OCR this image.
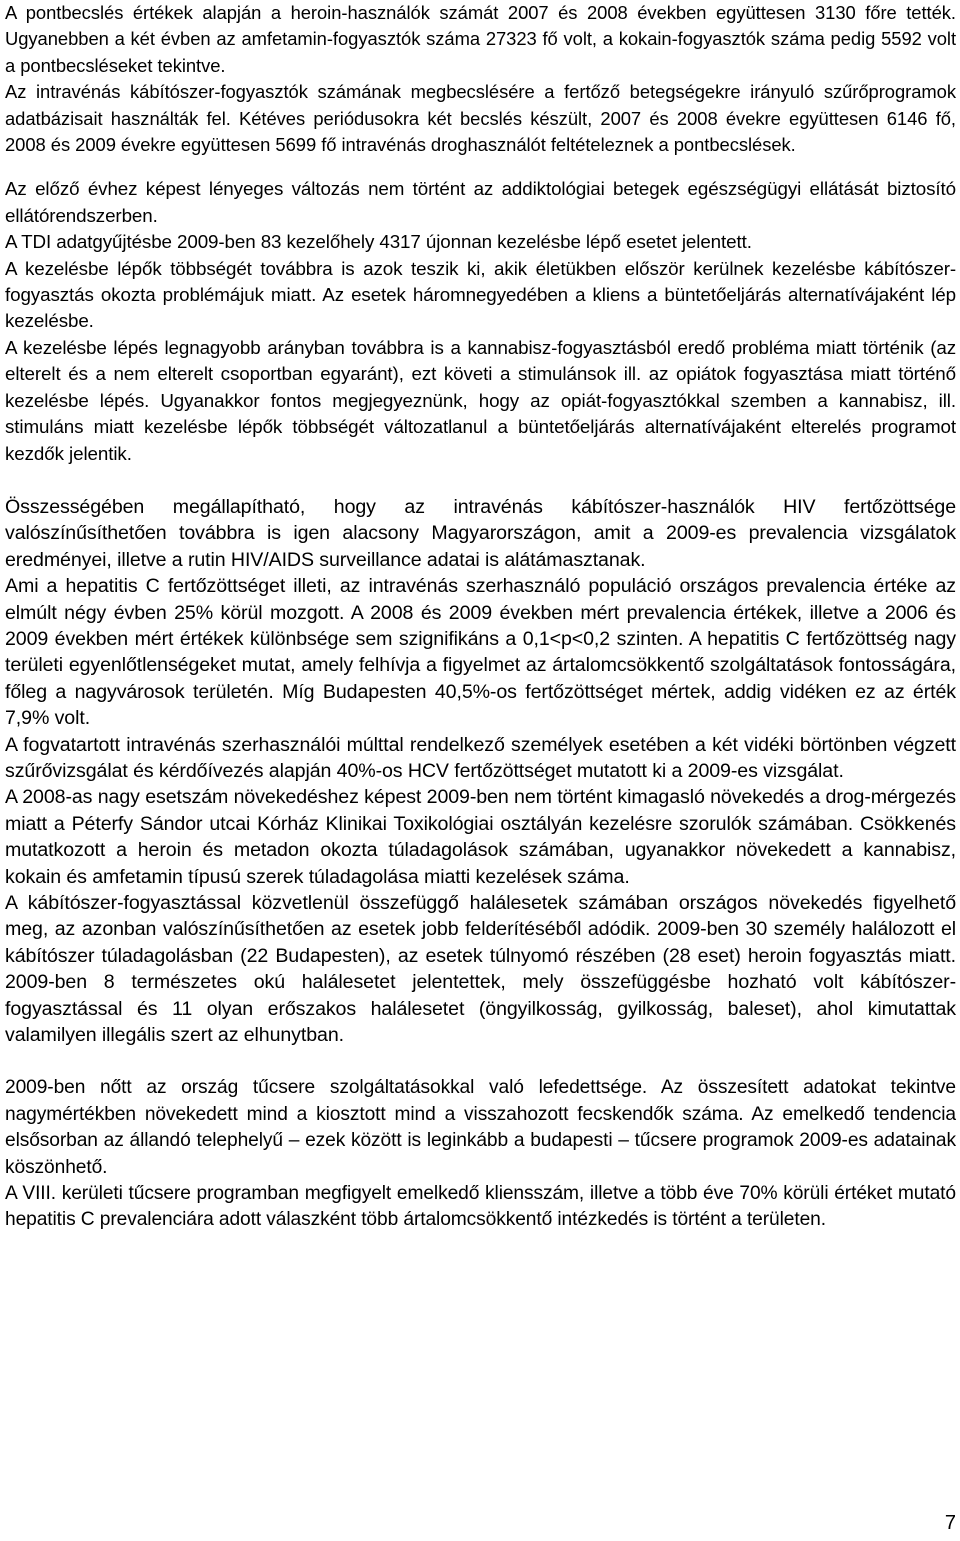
A pontbecslés értékek alapján a heroin-használók számát 2007 és 2008 években együttesen 3130 főre tették. Ugyanebben a két évben az amfetamin-fogyasztók száma 27323 fő volt, a kokain-fogyasztók száma pedig 5592 volt a pontbecsléseket tekintve.

Az intravénás kábítószer-fogyasztók számának megbecslésére a fertőző betegségekre irányuló szűrőprogramok adatbázisait használták fel. Kétéves periódusokra két becslés készült, 2007 és 2008 évekre együttesen 6146 fő, 2008 és 2009 évekre együttesen 5699 fő intravénás droghasználót feltételeznek a pontbecslések.

Az előző évhez képest lényeges változás nem történt az addiktológiai betegek egészségügyi ellátását biztosító ellátórendszerben.

A TDI adatgyűjtésbe 2009-ben 83 kezelőhely 4317 újonnan kezelésbe lépő esetet jelentett.

A kezelésbe lépők többségét továbbra is azok teszik ki, akik életükben először kerülnek kezelésbe kábítószer-fogyasztás okozta problémájuk miatt. Az esetek háromnegyedében a kliens a büntetőeljárás alternatívájaként lép kezelésbe.

A kezelésbe lépés legnagyobb arányban továbbra is a kannabisz-fogyasztásból eredő probléma miatt történik (az elterelt és a nem elterelt csoportban egyaránt), ezt követi a stimulánsok ill. az opiátok fogyasztása miatt történő kezelésbe lépés. Ugyanakkor fontos megjegyeznünk, hogy az opiát-fogyasztókkal szemben a kannabisz, ill. stimuláns miatt kezelésbe lépők többségét változatlanul a büntetőeljárás alternatívájaként elterelés programot kezdők jelentik.

Összességében megállapítható, hogy az intravénás kábítószer-használók HIV fertőzöttsége valószínűsíthetően továbbra is igen alacsony Magyarországon, amit a 2009-es prevalencia vizsgálatok eredményei, illetve a rutin HIV/AIDS surveillance adatai is alátámasztanak.

Ami a hepatitis C fertőzöttséget illeti, az intravénás szerhasználó populáció országos prevalencia értéke az elmúlt négy évben 25% körül mozgott. A 2008 és 2009 években mért prevalencia értékek, illetve a 2006 és 2009 években mért értékek különbsége sem szignifikáns a 0,1<p<0,2 szinten. A hepatitis C fertőzöttség nagy területi egyenlőtlenségeket mutat, amely felhívja a figyelmet az ártalomcsökkentő szolgáltatások fontosságára, főleg a nagyvárosok területén. Míg Budapesten 40,5%-os fertőzöttséget mértek, addig vidéken ez az érték 7,9% volt.

A fogvatartott intravénás szerhasználói múlttal rendelkező személyek esetében a két vidéki börtönben végzett szűrővizsgálat és kérdőívezés alapján 40%-os HCV fertőzöttséget mutatott ki a 2009-es vizsgálat.

A 2008-as nagy esetszám növekedéshez képest 2009-ben nem történt kimagasló növekedés a drog-mérgezés miatt a Péterfy Sándor utcai Kórház Klinikai Toxikológiai osztályán kezelésre szorulók számában. Csökkenés mutatkozott a heroin és metadon okozta túladagolások számában, ugyanakkor növekedett a kannabisz, kokain és amfetamin típusú szerek túladagolása miatti kezelések száma.

A kábítószer-fogyasztással közvetlenül összefüggő halálesetek számában országos növekedés figyelhető meg, az azonban valószínűsíthetően az esetek jobb felderítéséből adódik. 2009-ben 30 személy halálozott el kábítószer túladagolásban (22 Budapesten), az esetek túlnyomó részében (28 eset) heroin fogyasztás miatt. 2009-ben 8 természetes okú halálesetet jelentettek, mely összefüggésbe hozható volt kábítószer-fogyasztással és 11 olyan erőszakos halálesetet (öngyilkosság, gyilkosság, baleset), ahol kimutattak valamilyen illegális szert az elhunytban.

2009-ben nőtt az ország tűcsere szolgáltatásokkal való lefedettsége. Az összesített adatokat tekintve nagymértékben növekedett mind a kiosztott mind a visszahozott fecskendők száma. Az emelkedő tendencia elsősorban az állandó telephelyű – ezek között is leginkább a budapesti – tűcsere programok 2009-es adatainak köszönhető.

A VIII. kerületi tűcsere programban megfigyelt emelkedő kliensszám, illetve a több éve 70% körüli értéket mutató hepatitis C prevalenciára adott válaszként több ártalomcsökkentő intézkedés is történt a területen.

7
